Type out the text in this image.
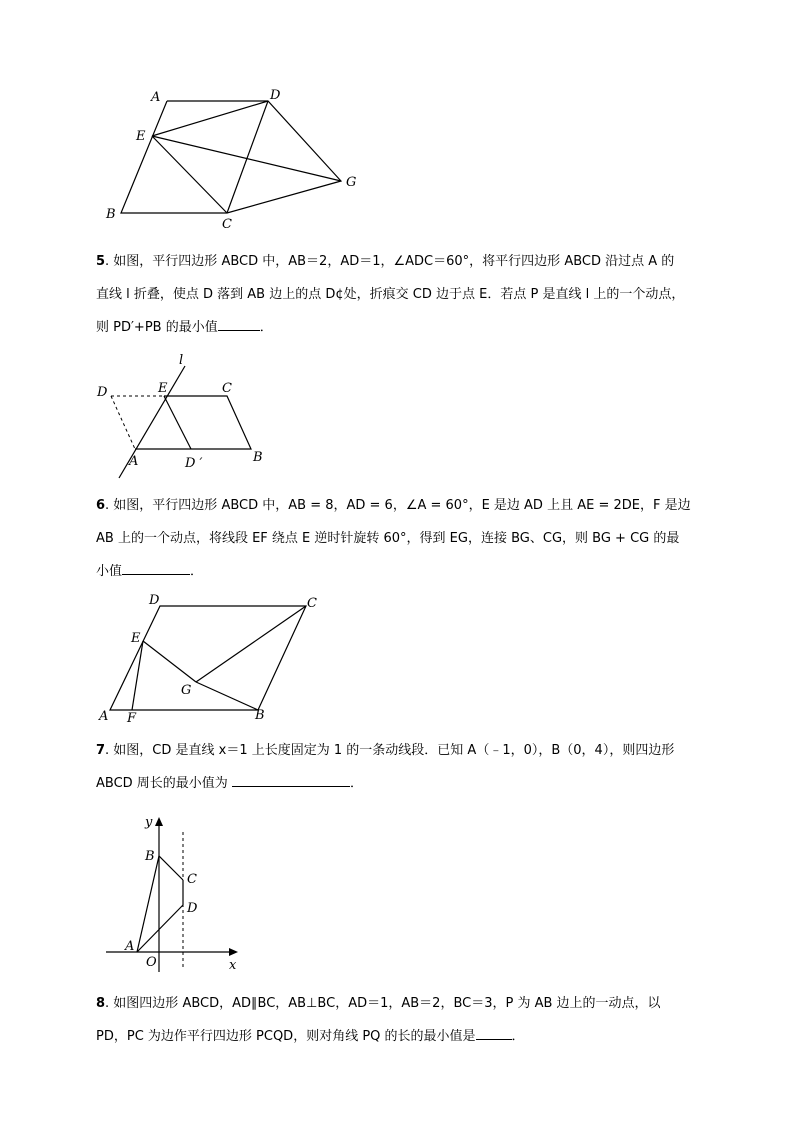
A	D
E
G
B
C
5. 如图，平行四边形 ABCD 中，AB＝2，AD＝1，∠ADC＝60°，将平行四边形 ABCD 沿过点 A 的
直线 l 折叠，使点 D 落到 AB 边上的点 D¢处，折痕交 CD 边于点 E．若点 P 是直线 l 上的一个动点，
则 PD′+PB 的最小值	．
l
D	E	C
A	D ′	B
6. 如图，平行四边形 ABCD 中，AB = 8，AD = 6，∠A = 60°，E 是边 AD 上且 AE = 2DE，F 是边
AB 上的一个动点，将线段 EF 绕点 E 逆时针旋转 60°，得到 EG，连接 BG、CG，则 BG + CG 的最
小值	．
D	C
E
G
A F	B
7. 如图，CD 是直线 x＝1 上长度固定为 1 的一条动线段．已知 A（﹣1，0），B（0，4），则四边形
ABCD 周长的最小值为	．
y
x
B
C
D
A
O
8. 如图四边形 ABCD，AD∥BC，AB⊥BC，AD＝1，AB＝2，BC＝3，P 为 AB 边上的一动点，以
PD，PC 为边作平行四边形 PCQD，则对角线 PQ 的长的最小值是	．
